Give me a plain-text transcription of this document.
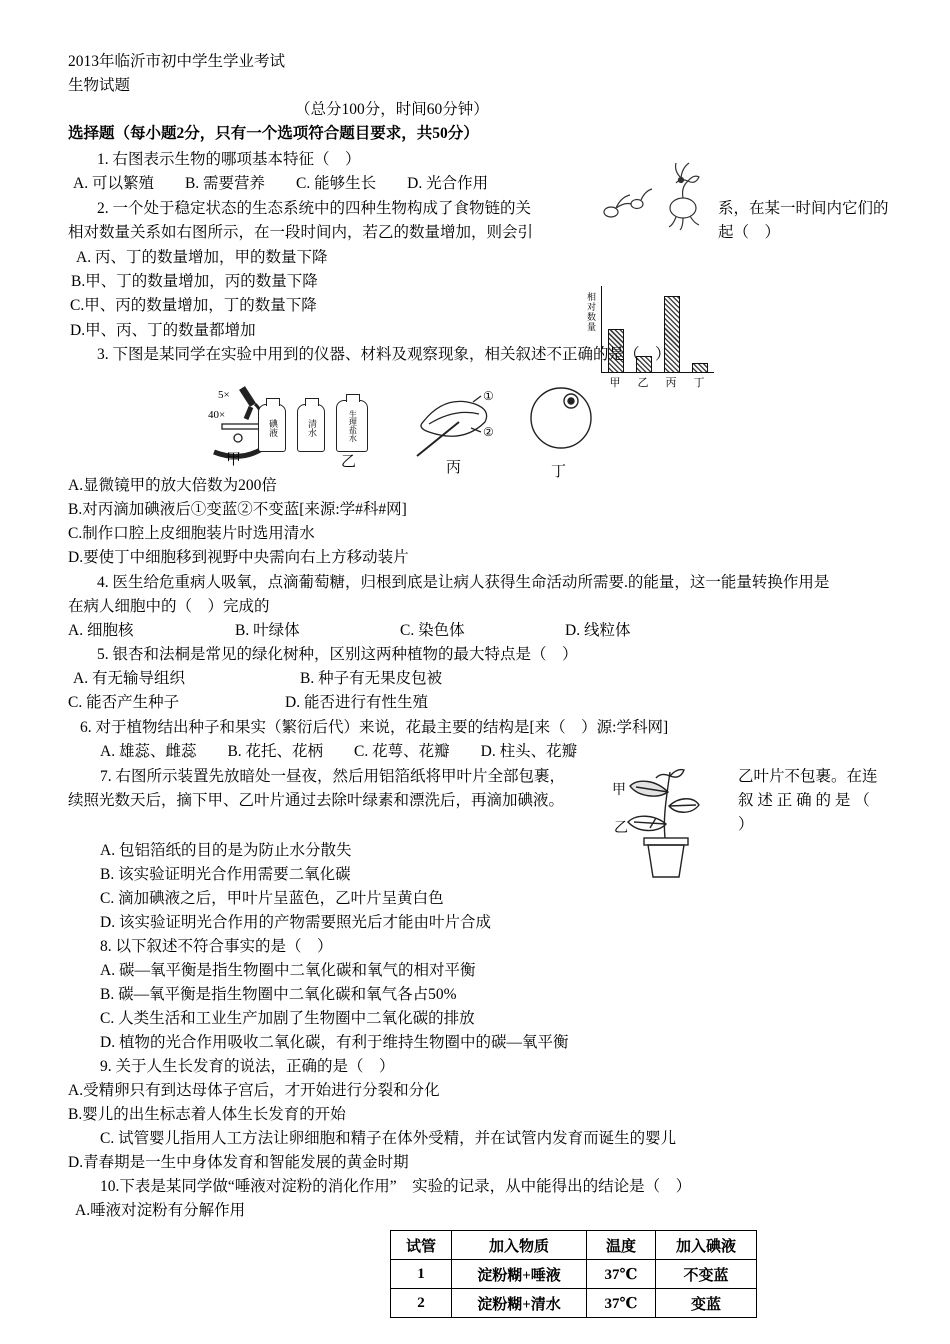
2013年临沂市初中学生学业考试
生物试题
（总分100分，时间60分钟）
选择题（每小题2分，只有一个选项符合题目要求，共50分）
1. 右图表示生物的哪项基本特征（　）
A. 可以繁殖　　B. 需要营养　　C. 能够生长　　D. 光合作用
2. 一个处于稳定状态的生态系统中的四种生物构成了食物链的关	系，在某一时间内它们的
相对数量关系如右图所示，在一段时间内，若乙的数量增加，则会引	起（　）
A. 丙、丁的数量增加，甲的数量下降
B.甲、丁的数量增加，丙的数量下降
C.甲、丙的数量增加，丁的数量下降
D.甲、丙、丁的数量都增加	相对数量
甲 乙 丙 丁
3. 下图是某同学在实验中用到的仪器、材料及观察现象，相关叙述不正确的是（　）
5×
40×
碘液	清水	生理盐水
①
②
甲	乙	丙	丁
A.显微镜甲的放大倍数为200倍
B.对丙滴加碘液后①变蓝②不变蓝[来源:学#科#网]
C.制作口腔上皮细胞装片时选用清水
D.要使丁中细胞移到视野中央需向右上方移动装片
4. 医生给危重病人吸氧，点滴葡萄糖，归根到底是让病人获得生命活动所需要.的能量，这一能量转换作用是
在病人细胞中的（　）完成的
A. 细胞核	B. 叶绿体	C. 染色体	D. 线粒体
5. 银杏和法桐是常见的绿化树种，区别这两种植物的最大特点是（　）
A. 有无输导组织	B. 种子有无果皮包被
C. 能否产生种子	D. 能否进行有性生殖
6. 对于植物结出种子和果实（繁衍后代）来说，花最主要的结构是[来（　）源:学科网]
A. 雄蕊、雌蕊　　B. 花托、花柄　　C. 花萼、花瓣　　D. 柱头、花瓣
7. 右图所示装置先放暗处一昼夜，然后用铝箔纸将甲叶片全部包裹，	乙叶片不包裹。在连
续照光数天后，摘下甲、乙叶片通过去除叶绿素和漂洗后，再滴加碘液。	叙 述 正 确 的 是 （
）
甲
乙
A. 包铝箔纸的目的是为防止水分散失
B. 该实验证明光合作用需要二氧化碳
C. 滴加碘液之后，甲叶片呈蓝色，乙叶片呈黄白色
D. 该实验证明光合作用的产物需要照光后才能由叶片合成
8. 以下叙述不符合事实的是（　）
A. 碳—氧平衡是指生物圈中二氧化碳和氧气的相对平衡
B. 碳—氧平衡是指生物圈中二氧化碳和氧气各占50%
C. 人类生活和工业生产加剧了生物圈中二氧化碳的排放
D. 植物的光合作用吸收二氧化碳，有利于维持生物圈中的碳—氧平衡
9. 关于人生长发育的说法，正确的是（　）
A.受精卵只有到达母体子宫后，才开始进行分裂和分化
B.婴儿的出生标志着人体生长发育的开始
C. 试管婴儿指用人工方法让卵细胞和精子在体外受精，并在试管内发育而诞生的婴儿
D.青春期是一生中身体发育和智能发展的黄金时期
10.下表是某同学做“唾液对淀粉的消化作用”　实验的记录，从中能得出的结论是（　）
A.唾液对淀粉有分解作用
试管	加入物质	温度	加入碘液
1	淀粉糊+唾液	37℃	不变蓝
2	淀粉糊+清水	37℃	变蓝
